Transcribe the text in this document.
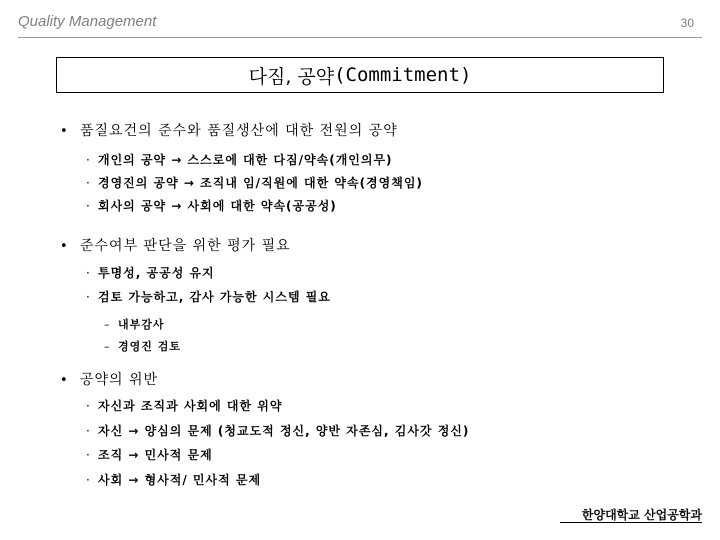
Quality Management	30
다짐, 공약 (Commitment)
• 품질요건의 준수와 품질생산에 대한 전원의 공약
· 개인의 공약 → 스스로에 대한 다짐/약속(개인의무)
· 경영진의 공약 → 조직내 임/직원에 대한 약속(경영책임)
· 회사의 공약 → 사회에 대한 약속(공공성)
• 준수여부 판단을 위한 평가 필요
· 투명성, 공공성 유지
· 검토 가능하고, 감사 가능한 시스템 필요
– 내부감사
– 경영진 검토
• 공약의 위반
· 자신과 조직과 사회에 대한 위약
· 자신 → 양심의 문제 (청교도적 정신, 양반 자존심, 김사갓 정신)
· 조직 → 민사적 문제
· 사회 → 형사적/ 민사적 문제
한양대학교 산업공학과
